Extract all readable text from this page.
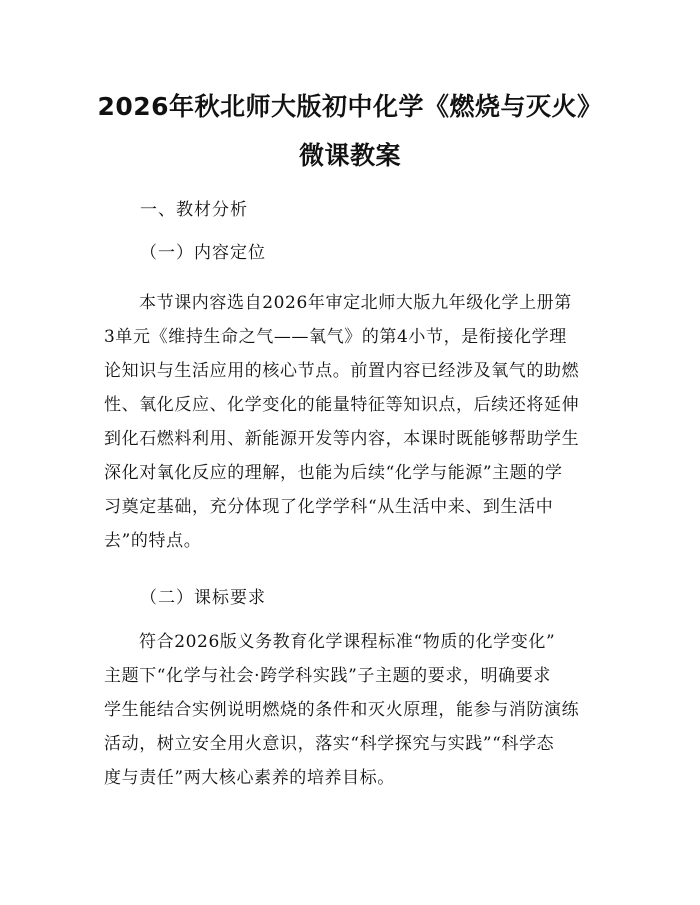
2026年秋北师大版初中化学《燃烧与灭火》
微课教案
一、教材分析
（一）内容定位
本节课内容选自2026年审定北师大版九年级化学上册第
3单元《维持生命之气——氧气》的第4小节，是衔接化学理
论知识与生活应用的核心节点。前置内容已经涉及氧气的助燃
性、氧化反应、化学变化的能量特征等知识点，后续还将延伸
到化石燃料利用、新能源开发等内容，本课时既能够帮助学生
深化对氧化反应的理解，也能为后续“化学与能源”主题的学
习奠定基础，充分体现了化学学科“从生活中来、到生活中
去”的特点。
（二）课标要求
符合2026版义务教育化学课程标准“物质的化学变化”
主题下“化学与社会·跨学科实践”子主题的要求，明确要求
学生能结合实例说明燃烧的条件和灭火原理，能参与消防演练
活动，树立安全用火意识，落实“科学探究与实践”“科学态
度与责任”两大核心素养的培养目标。
